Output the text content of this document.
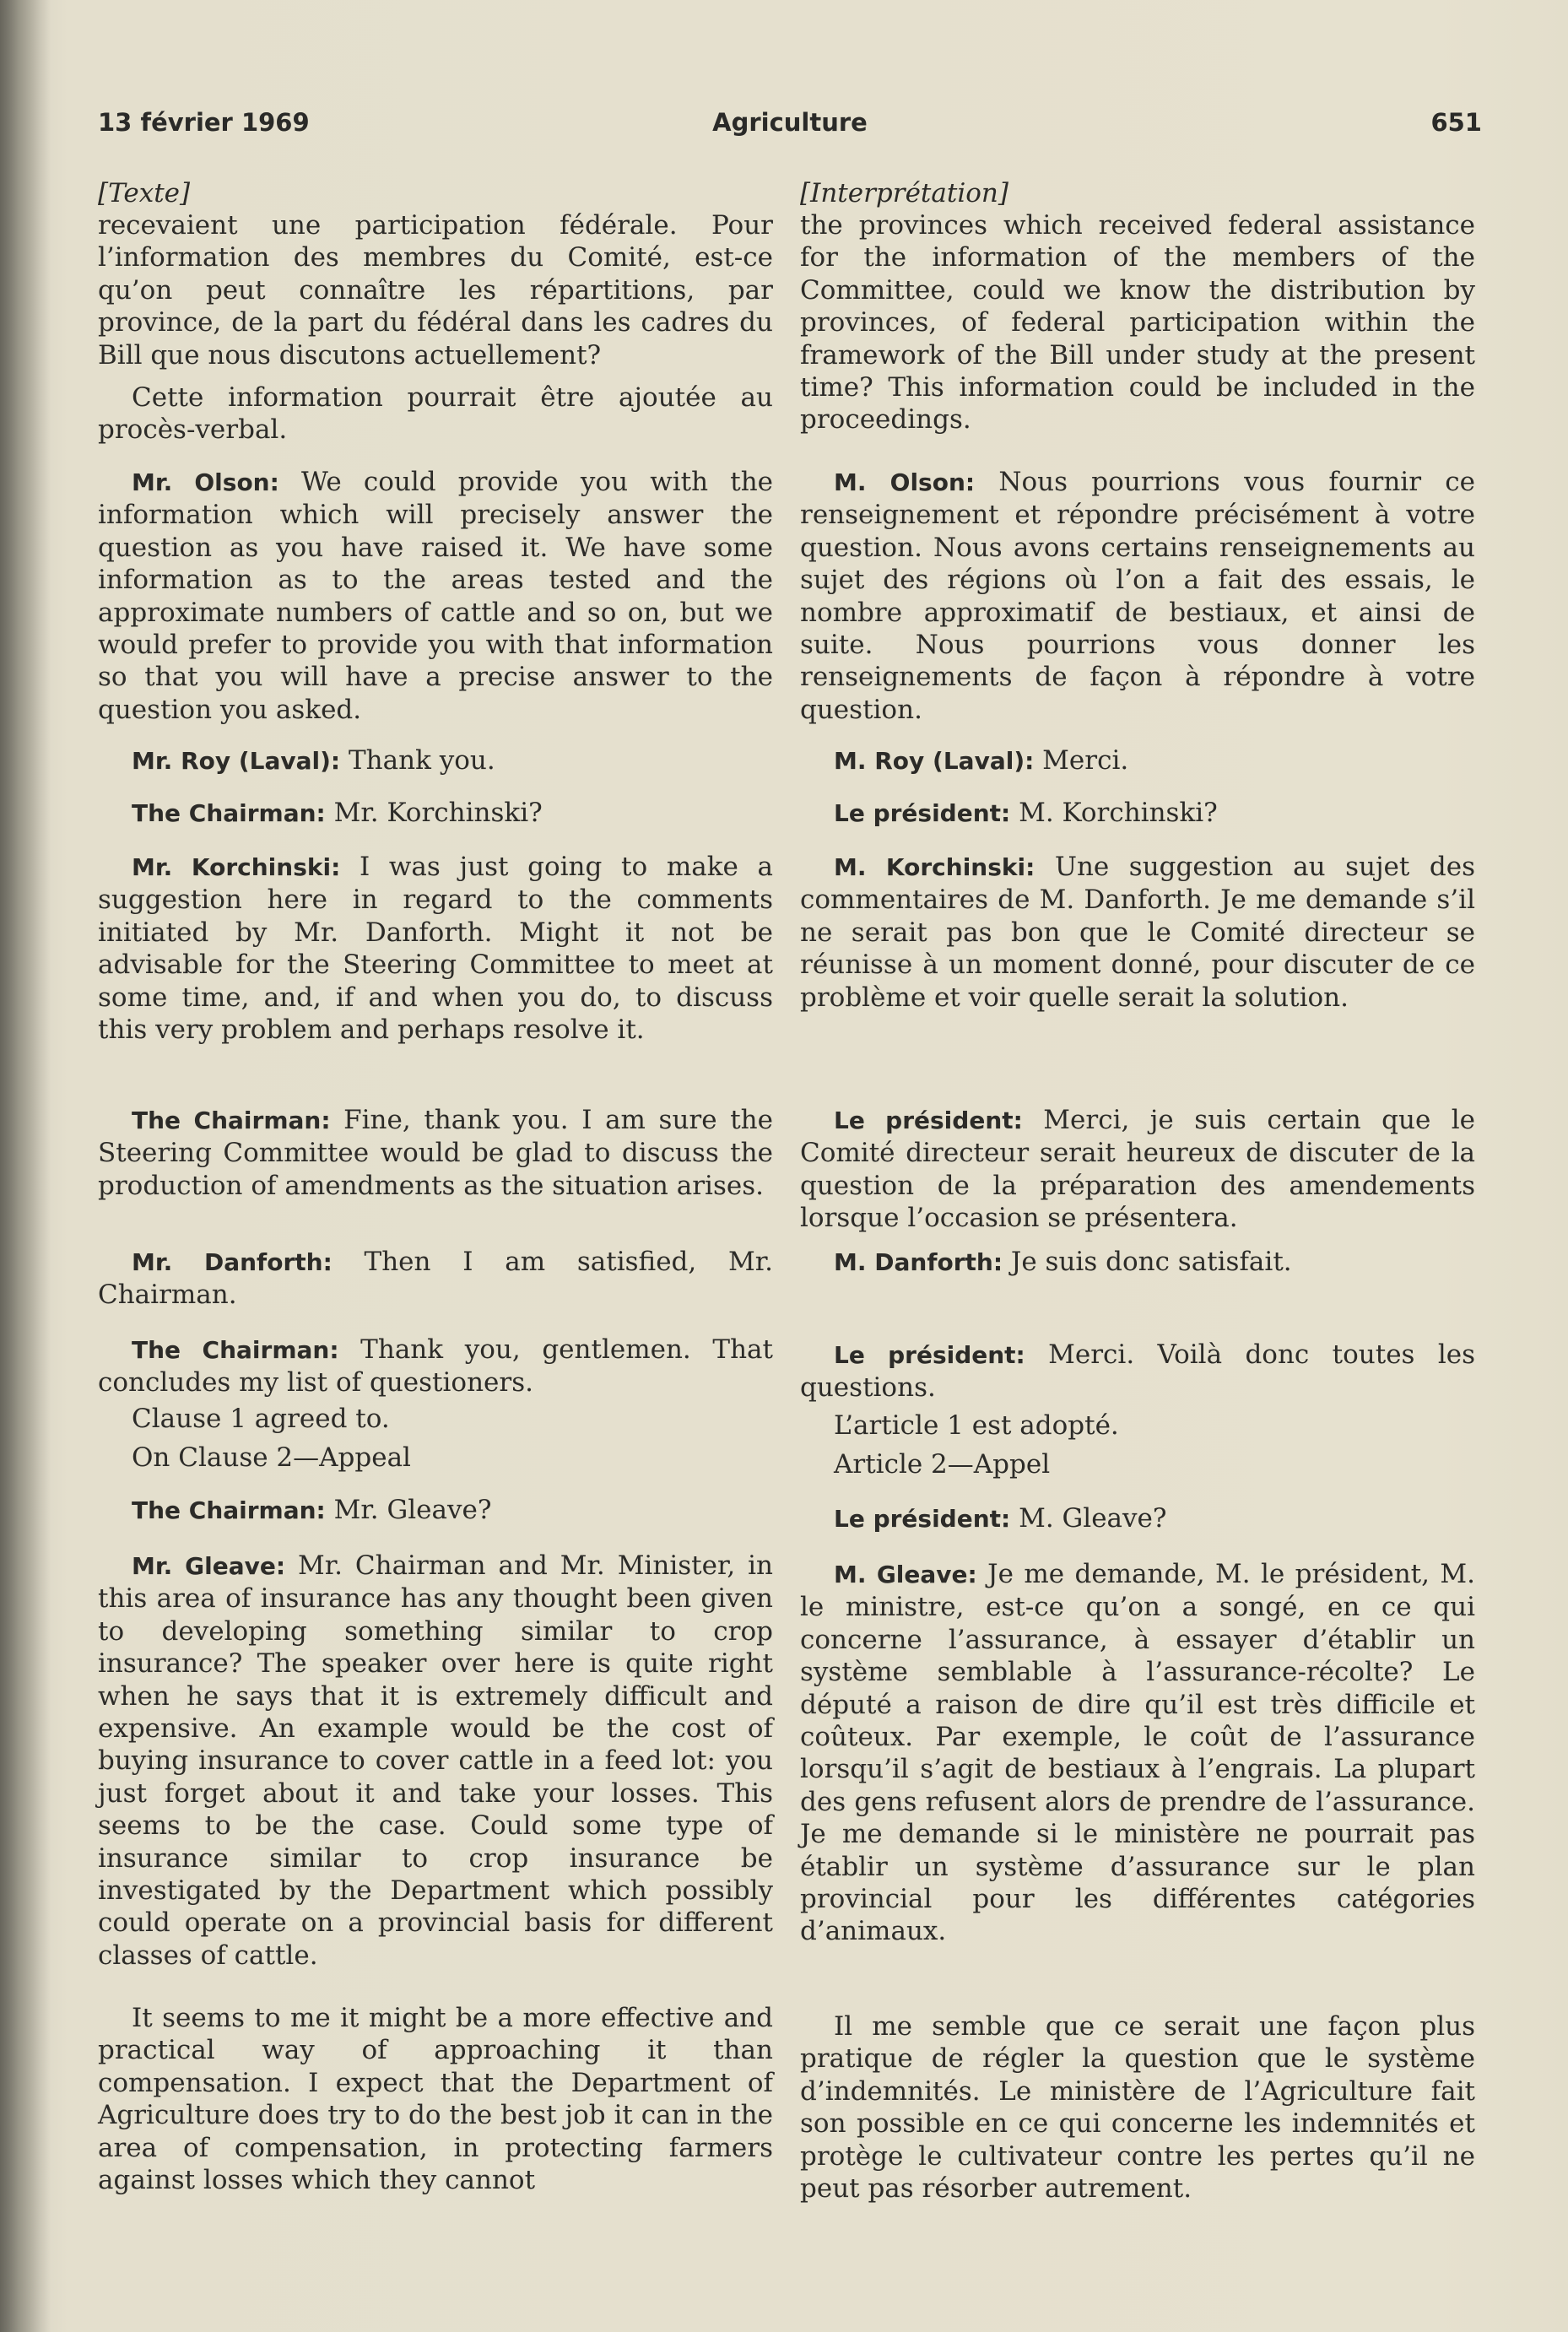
13 février 1969	Agriculture	651

[Texte]

recevaient une participation fédérale. Pour l’information des membres du Comité, est-ce qu’on peut connaître les répartitions, par province, de la part du fédéral dans les cadres du Bill que nous discutons actuellement?

Cette information pourrait être ajoutée au procès-verbal.

Mr. Olson: We could provide you with the information which will precisely answer the question as you have raised it. We have some information as to the areas tested and the approximate numbers of cattle and so on, but we would prefer to provide you with that information so that you will have a precise answer to the question you asked.

Mr. Roy (Laval): Thank you.

The Chairman: Mr. Korchinski?

Mr. Korchinski: I was just going to make a suggestion here in regard to the comments initiated by Mr. Danforth. Might it not be advisable for the Steering Committee to meet at some time, and, if and when you do, to discuss this very problem and perhaps resolve it.

The Chairman: Fine, thank you. I am sure the Steering Committee would be glad to discuss the production of amendments as the situation arises.

Mr. Danforth: Then I am satisfied, Mr. Chairman.

The Chairman: Thank you, gentlemen. That concludes my list of questioners.

Clause 1 agreed to.

On Clause 2—Appeal

The Chairman: Mr. Gleave?

Mr. Gleave: Mr. Chairman and Mr. Minister, in this area of insurance has any thought been given to developing something similar to crop insurance? The speaker over here is quite right when he says that it is extremely difficult and expensive. An example would be the cost of buying insurance to cover cattle in a feed lot: you just forget about it and take your losses. This seems to be the case. Could some type of insurance similar to crop insurance be investigated by the Department which possibly could operate on a provincial basis for different classes of cattle.

It seems to me it might be a more effective and practical way of approaching it than compensation. I expect that the Department of Agriculture does try to do the best job it can in the area of compensation, in protecting farmers against losses which they cannot

[Interprétation]

the provinces which received federal assistance for the information of the members of the Committee, could we know the distribution by provinces, of federal participation within the framework of the Bill under study at the present time? This information could be included in the proceedings.

M. Olson: Nous pourrions vous fournir ce renseignement et répondre précisément à votre question. Nous avons certains renseignements au sujet des régions où l’on a fait des essais, le nombre approximatif de bestiaux, et ainsi de suite. Nous pourrions vous donner les renseignements de façon à répondre à votre question.

M. Roy (Laval): Merci.

Le président: M. Korchinski?

M. Korchinski: Une suggestion au sujet des commentaires de M. Danforth. Je me demande s’il ne serait pas bon que le Comité directeur se réunisse à un moment donné, pour discuter de ce problème et voir quelle serait la solution.

Le président: Merci, je suis certain que le Comité directeur serait heureux de discuter de la question de la préparation des amendements lorsque l’occasion se présentera.

M. Danforth: Je suis donc satisfait.

Le président: Merci. Voilà donc toutes les questions.

L’article 1 est adopté.

Article 2—Appel

Le président: M. Gleave?

M. Gleave: Je me demande, M. le président, M. le ministre, est-ce qu’on a songé, en ce qui concerne l’assurance, à essayer d’établir un système semblable à l’assurance-récolte? Le député a raison de dire qu’il est très difficile et coûteux. Par exemple, le coût de l’assurance lorsqu’il s’agit de bestiaux à l’engrais. La plupart des gens refusent alors de prendre de l’assurance. Je me demande si le ministère ne pourrait pas établir un système d’assurance sur le plan provincial pour les différentes catégories d’animaux.

Il me semble que ce serait une façon plus pratique de régler la question que le système d’indemnités. Le ministère de l’Agriculture fait son possible en ce qui concerne les indemnités et protège le cultivateur contre les pertes qu’il ne peut pas résorber autrement.
